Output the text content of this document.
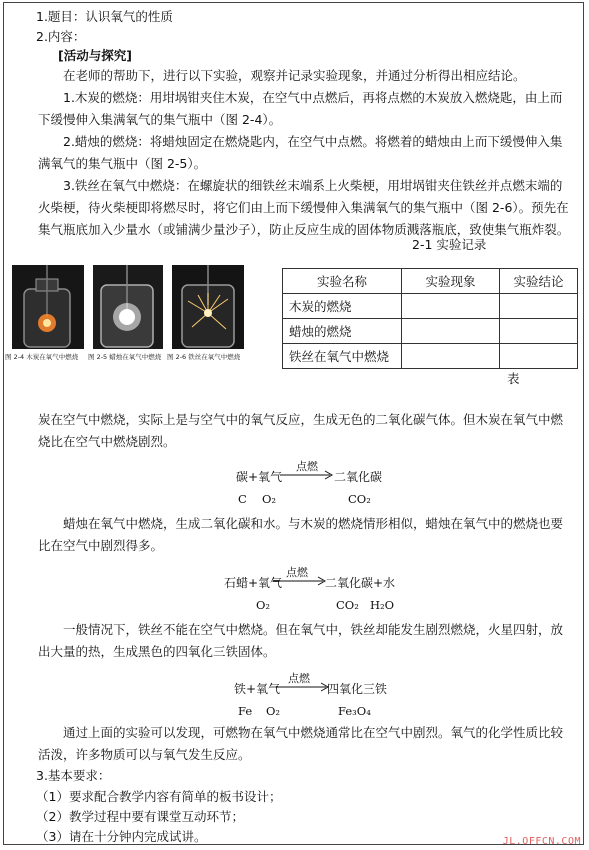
1.题目：认识氧气的性质
2.内容：
[活动与探究]
在老师的帮助下，进行以下实验，观察并记录实验现象，并通过分析得出相应结论。
1.木炭的燃烧：用坩埚钳夹住木炭，在空气中点燃后，再将点燃的木炭放入燃烧匙，由上而下缓慢伸入集满氧气的集气瓶中（图 2-4）。
2.蜡烛的燃烧：将蜡烛固定在燃烧匙内，在空气中点燃。将燃着的蜡烛由上而下缓慢伸入集满氧气的集气瓶中（图 2-5）。
3.铁丝在氧气中燃烧：在螺旋状的细铁丝末端系上火柴梗，用坩埚钳夹住铁丝并点燃末端的火柴梗，待火柴梗即将燃尽时，将它们由上而下缓慢伸入集满氧气的集气瓶中（图 2-6）。预先在集气瓶底加入少量水（或铺满少量沙子），防止反应生成的固体物质溅落瓶底，致使集气瓶炸裂。
图 2-4 木炭在氧气中燃烧 图 2-5 蜡烛在氧气中燃烧 图 2-6 铁丝在氧气中燃烧
2-1 实验记录
实验名称	实验现象	实验结论
木炭的燃烧		
蜡烛的燃烧		
铁丝在氧气中燃烧		
表
炭在空气中燃烧，实际上是与空气中的氧气反应，生成无色的二氧化碳气体。但木炭在氧气中燃烧比在空气中燃烧剧烈。
碳+氧气
点燃
二氧化碳
C O₂	CO₂
蜡烛在氧气中燃烧，生成二氧化碳和水。与木炭的燃烧情形相似，蜡烛在氧气中的燃烧也要比在空气中剧烈得多。
石蜡+氧气
点燃
二氧化碳+水
O₂	CO₂ H₂O
一般情况下，铁丝不能在空气中燃烧。但在氧气中，铁丝却能发生剧烈燃烧，火星四射，放出大量的热，生成黑色的四氧化三铁固体。
铁+氧气
点燃
四氧化三铁
Fe O₂	Fe₃O₄
通过上面的实验可以发现，可燃物在氧气中燃烧通常比在空气中剧烈。氧气的化学性质比较活泼，许多物质可以与氧气发生反应。
3.基本要求：
（1）要求配合教学内容有简单的板书设计；
（2）教学过程中要有课堂互动环节；
（3）请在十分钟内完成试讲。	JL.OFFCN.COM
